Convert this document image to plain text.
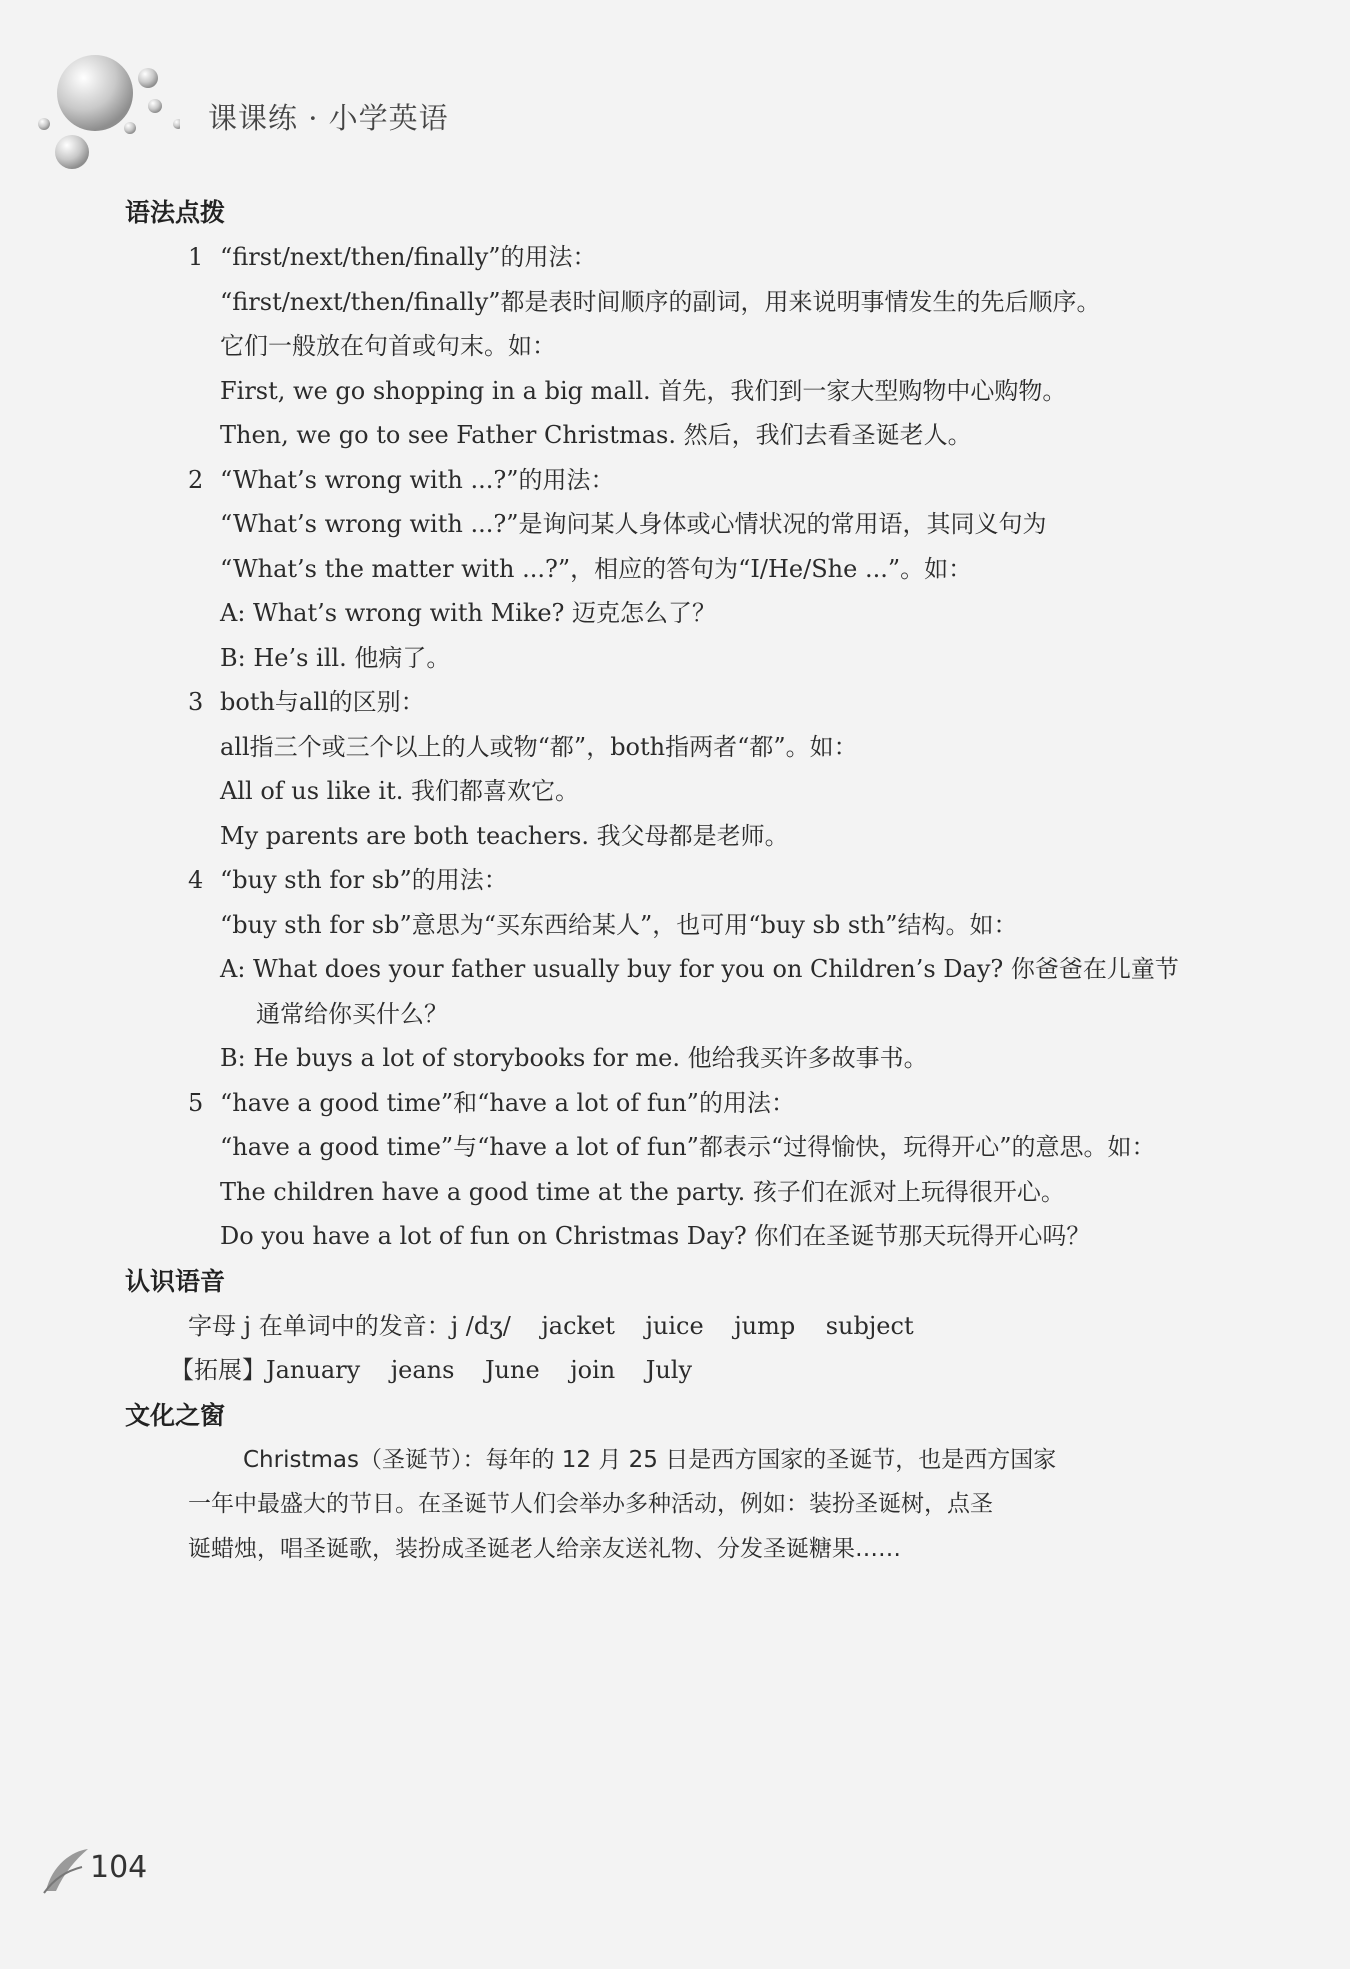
课课练 · 小学英语
语法点拨
1 “first/next/then/finally”的用法：
“first/next/then/finally”都是表时间顺序的副词，用来说明事情发生的先后顺序。
它们一般放在句首或句末。如：
First, we go shopping in a big mall. 首先，我们到一家大型购物中心购物。
Then, we go to see Father Christmas. 然后，我们去看圣诞老人。
2 “What’s wrong with ...?”的用法：
“What’s wrong with ...?”是询问某人身体或心情状况的常用语，其同义句为
“What’s the matter with ...?”，相应的答句为“I/He/She ...”。如：
A: What’s wrong with Mike? 迈克怎么了？
B: He’s ill. 他病了。
3 both与all的区别：
all指三个或三个以上的人或物“都”，both指两者“都”。如：
All of us like it. 我们都喜欢它。
My parents are both teachers. 我父母都是老师。
4 “buy sth for sb”的用法：
“buy sth for sb”意思为“买东西给某人”，也可用“buy sb sth”结构。如：
A: What does your father usually buy for you on Children’s Day? 你爸爸在儿童节
通常给你买什么？
B: He buys a lot of storybooks for me. 他给我买许多故事书。
5 “have a good time”和“have a lot of fun”的用法：
“have a good time”与“have a lot of fun”都表示“过得愉快，玩得开心”的意思。如：
The children have a good time at the party. 孩子们在派对上玩得很开心。
Do you have a lot of fun on Christmas Day? 你们在圣诞节那天玩得开心吗？
认识语音
字母 j 在单词中的发音：j /dʒ/    jacket    juice    jump    subject
【拓展】January    jeans    June    join    July
文化之窗
Christmas（圣诞节）：每年的 12 月 25 日是西方国家的圣诞节，也是西方国家
一年中最盛大的节日。在圣诞节人们会举办多种活动，例如：装扮圣诞树，点圣
诞蜡烛，唱圣诞歌，装扮成圣诞老人给亲友送礼物、分发圣诞糖果……
104
